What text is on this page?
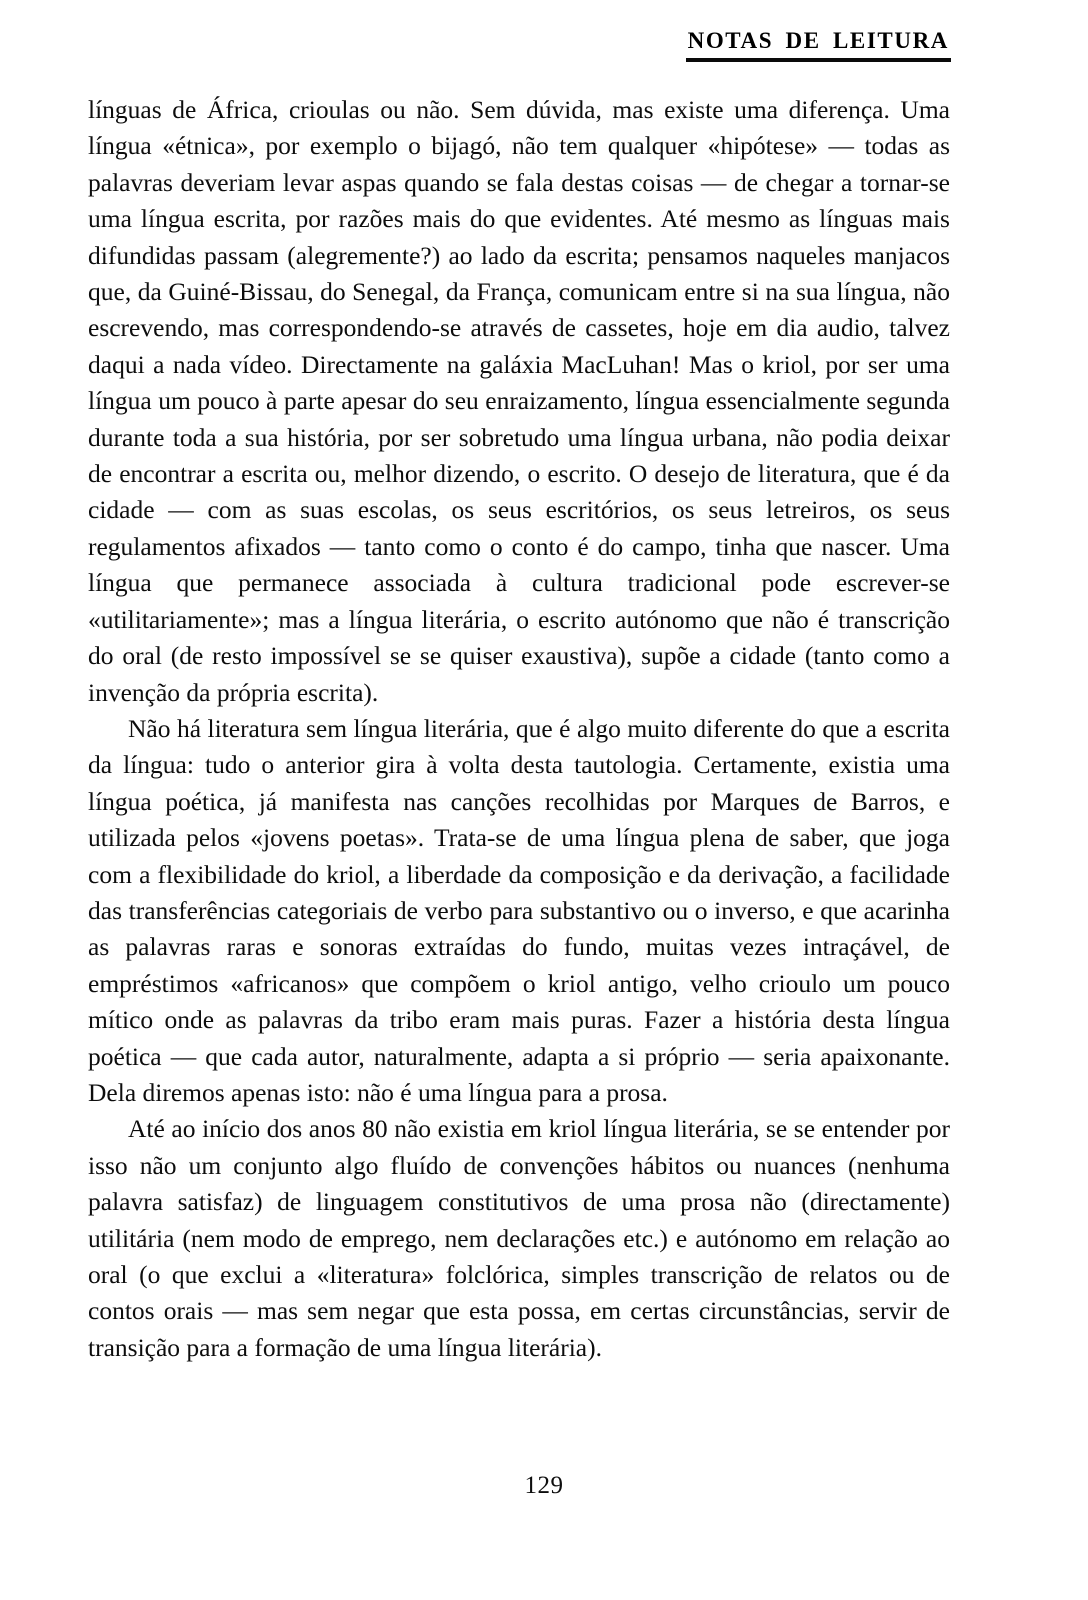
NOTAS DE LEITURA

línguas de África, crioulas ou não. Sem dúvida, mas existe uma diferença. Uma língua «étnica», por exemplo o bijagó, não tem qualquer «hipótese» — todas as palavras deveriam levar aspas quando se fala destas coisas — de chegar a tornar-se uma língua escrita, por razões mais do que evidentes. Até mesmo as línguas mais difundidas passam (alegremente?) ao lado da escrita; pensamos naqueles manjacos que, da Guiné-Bissau, do Senegal, da França, comunicam entre si na sua língua, não escrevendo, mas correspondendo-se através de cassetes, hoje em dia audio, talvez daqui a nada vídeo. Directamente na galáxia MacLuhan! Mas o kriol, por ser uma língua um pouco à parte apesar do seu enraizamento, língua essencialmente segunda durante toda a sua história, por ser sobretudo uma língua urbana, não podia deixar de encontrar a escrita ou, melhor dizendo, o escrito. O desejo de literatura, que é da cidade — com as suas escolas, os seus escritórios, os seus letreiros, os seus regulamentos afixados — tanto como o conto é do campo, tinha que nascer. Uma língua que permanece associada à cultura tradicional pode escrever-se «utilitariamente»; mas a língua literária, o escrito autónomo que não é transcrição do oral (de resto impossível se se quiser exaustiva), supõe a cidade (tanto como a invenção da própria escrita).

Não há literatura sem língua literária, que é algo muito diferente do que a escrita da língua: tudo o anterior gira à volta desta tautologia. Certamente, existia uma língua poética, já manifesta nas canções recolhidas por Marques de Barros, e utilizada pelos «jovens poetas». Trata-se de uma língua plena de saber, que joga com a flexibilidade do kriol, a liberdade da composição e da derivação, a facilidade das transferências categoriais de verbo para substantivo ou o inverso, e que acarinha as palavras raras e sonoras extraídas do fundo, muitas vezes intraçável, de empréstimos «africanos» que compõem o kriol antigo, velho crioulo um pouco mítico onde as palavras da tribo eram mais puras. Fazer a história desta língua poética — que cada autor, naturalmente, adapta a si próprio — seria apaixonante. Dela diremos apenas isto: não é uma língua para a prosa.

Até ao início dos anos 80 não existia em kriol língua literária, se se entender por isso não um conjunto algo fluído de convenções hábitos ou nuances (nenhuma palavra satisfaz) de linguagem constitutivos de uma prosa não (directamente) utilitária (nem modo de emprego, nem declarações etc.) e autónomo em relação ao oral (o que exclui a «literatura» folclórica, simples transcrição de relatos ou de contos orais — mas sem negar que esta possa, em certas circunstâncias, servir de transição para a formação de uma língua literária).

129
